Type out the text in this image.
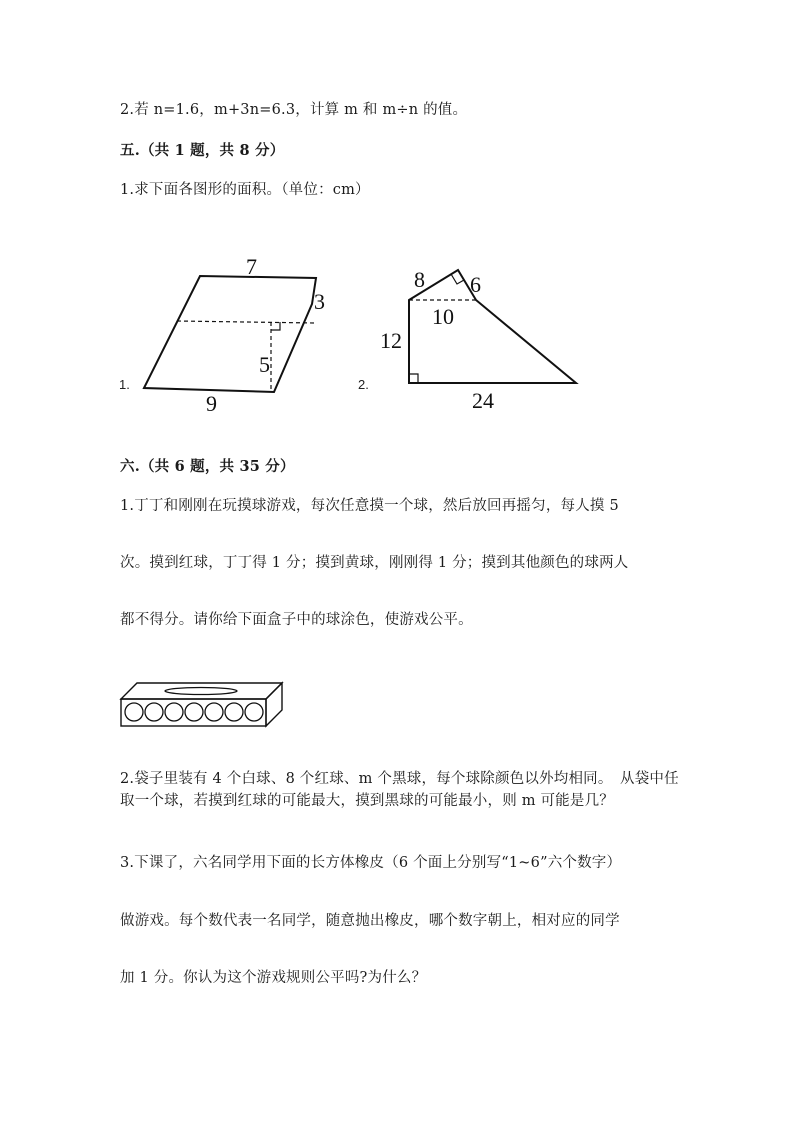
2.若 n=1.6，m+3n=6.3，计算 m 和 m÷n 的值。
五.（共 1 题，共 8 分）
1.求下面各图形的面积。（单位：cm）
7
3
5
9
1.
8 6
10
12
24
2.
六.（共 6 题，共 35 分）
1.丁丁和刚刚在玩摸球游戏，每次任意摸一个球，然后放回再摇匀，每人摸 5
次。摸到红球，丁丁得 1 分；摸到黄球，刚刚得 1 分；摸到其他颜色的球两人
都不得分。请你给下面盒子中的球涂色，使游戏公平。
2.袋子里装有 4 个白球、8 个红球、m 个黑球，每个球除颜色以外均相同。　从袋中任取一个球，若摸到红球的可能最大，摸到黑球的可能最小，则 m 可能是几？
3.下课了，六名同学用下面的长方体橡皮（6 个面上分别写“1~6”六个数字）
做游戏。每个数代表一名同学，随意抛出橡皮，哪个数字朝上，相对应的同学
加 1 分。你认为这个游戏规则公平吗?为什么？
